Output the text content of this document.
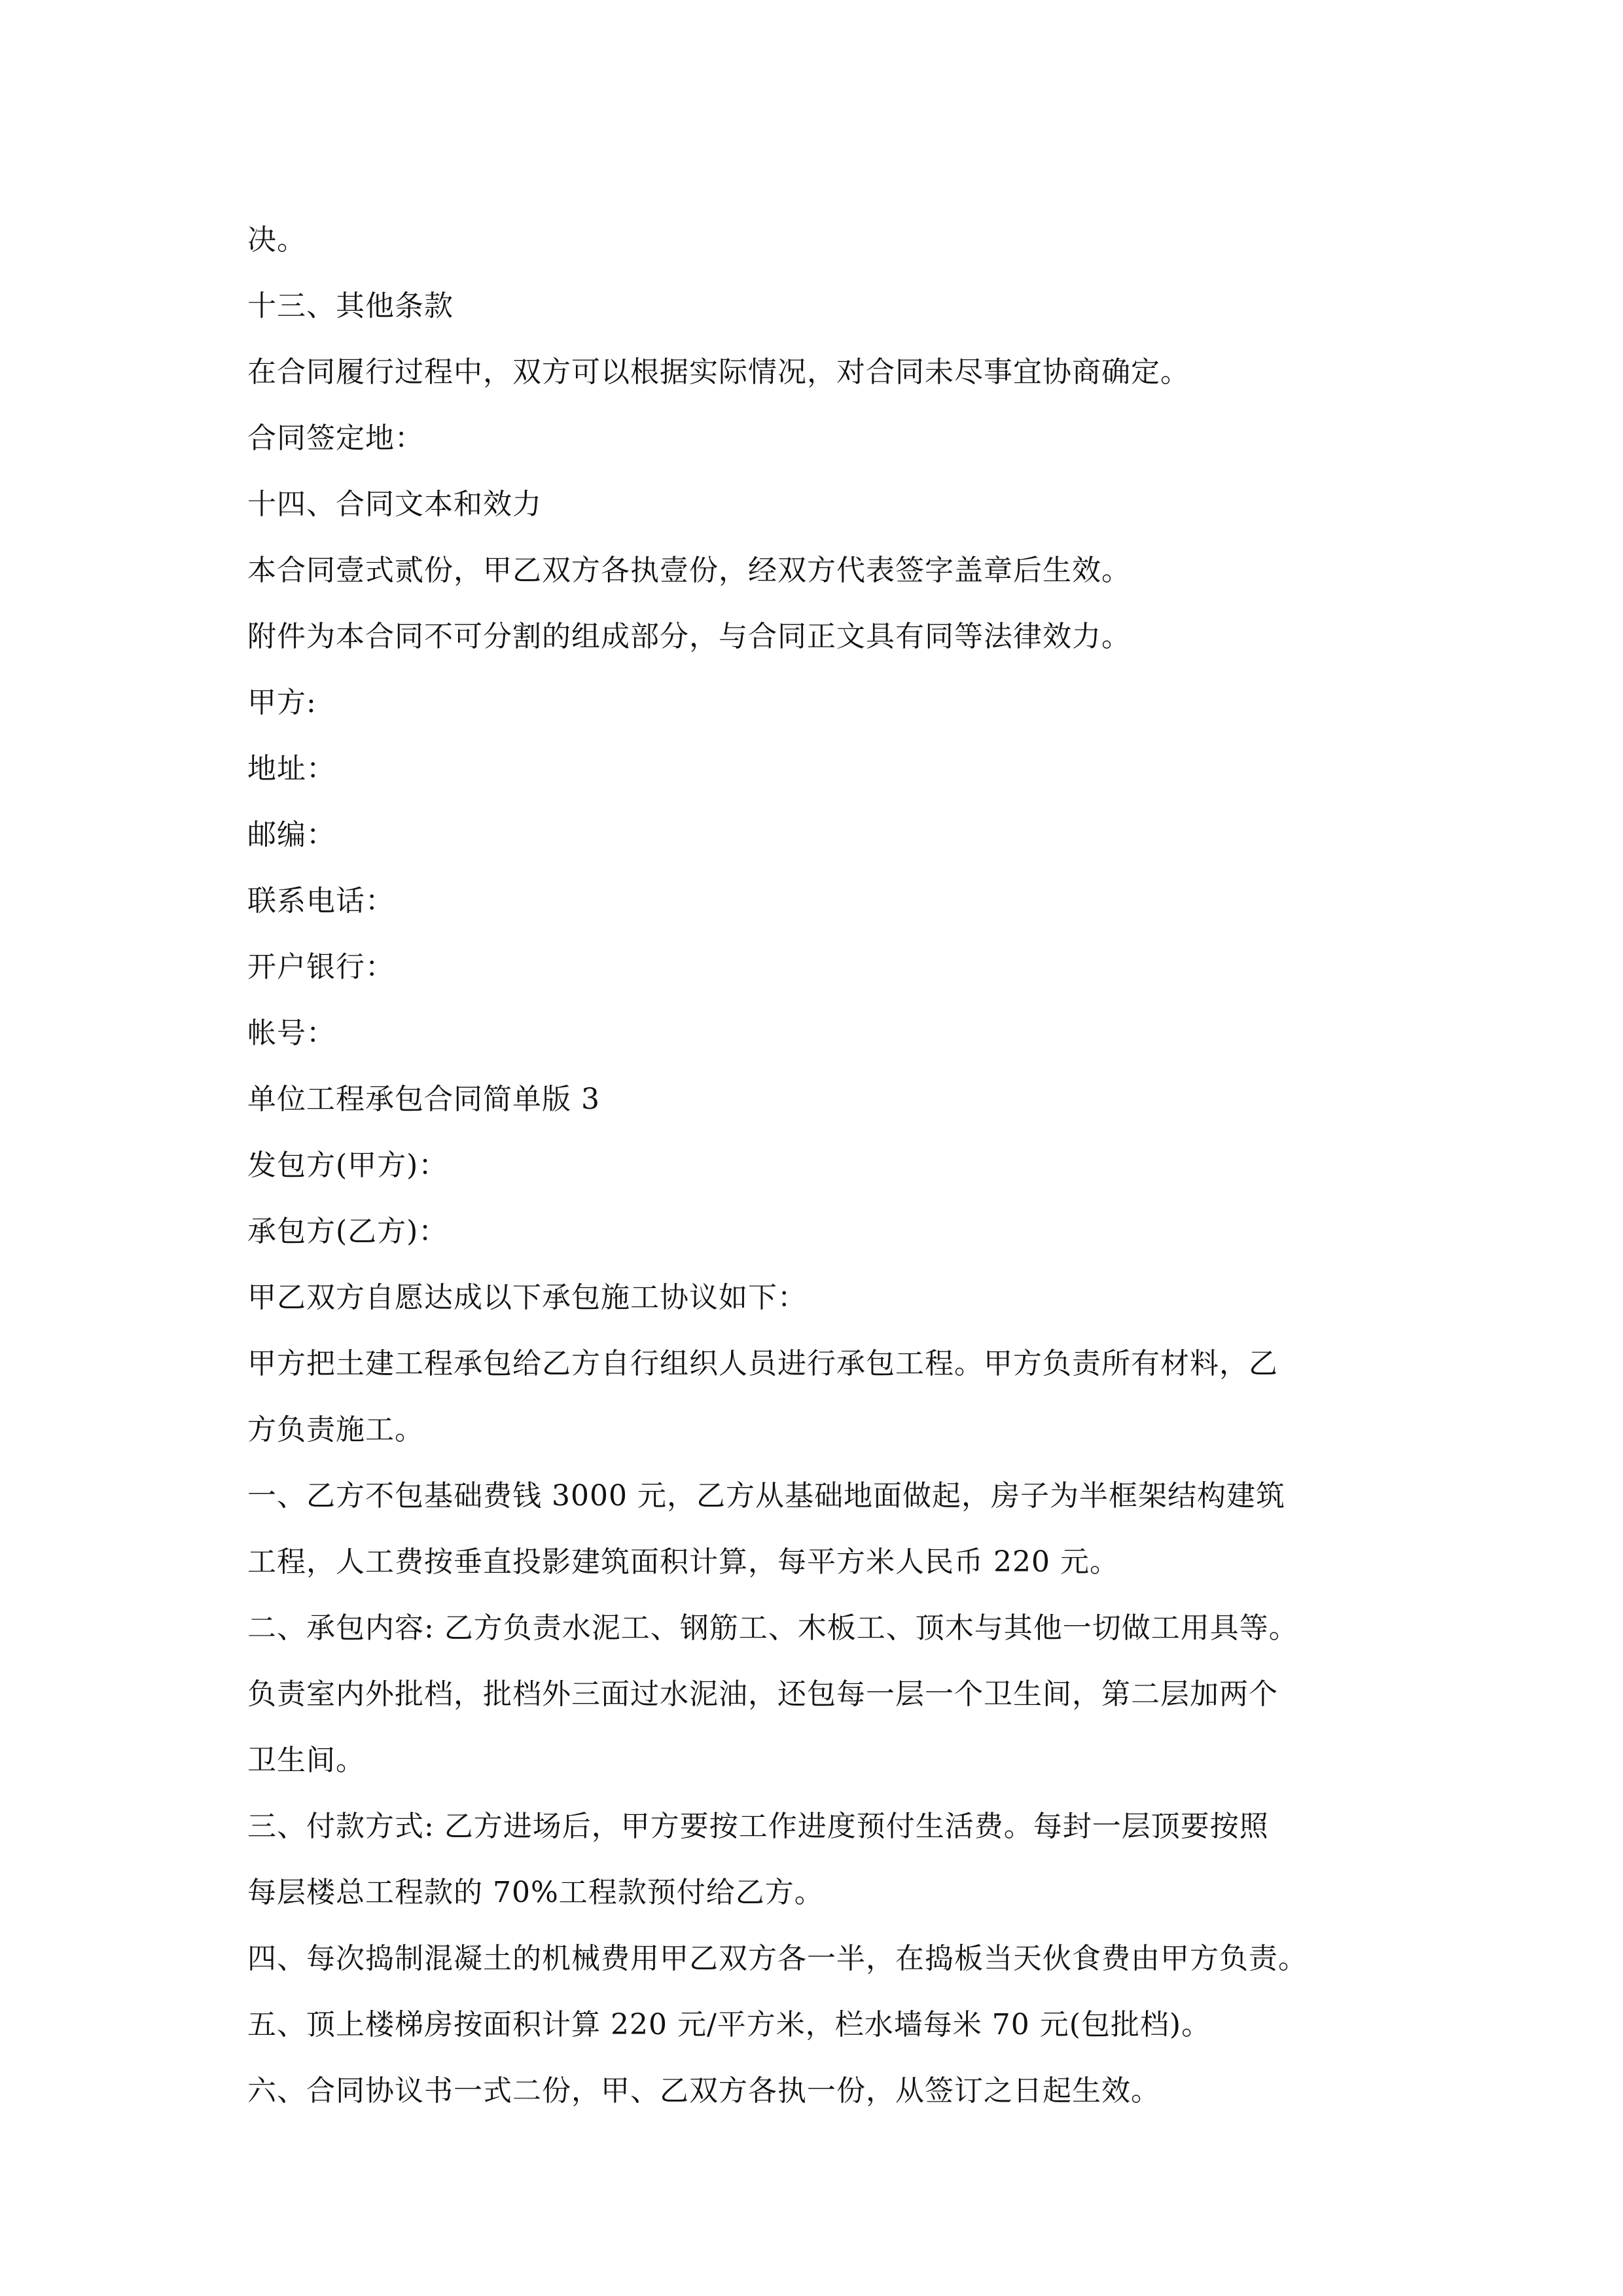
决。
十三、其他条款
在合同履行过程中，双方可以根据实际情况，对合同未尽事宜协商确定。
合同签定地：
十四、合同文本和效力
本合同壹式贰份，甲乙双方各执壹份，经双方代表签字盖章后生效。
附件为本合同不可分割的组成部分，与合同正文具有同等法律效力。
甲方:
地址：
邮编：
联系电话：
开户银行：
帐号：
单位工程承包合同简单版 3
发包方(甲方)：
承包方(乙方)：
甲乙双方自愿达成以下承包施工协议如下：
甲方把土建工程承包给乙方自行组织人员进行承包工程。甲方负责所有材料，乙
方负责施工。
一、乙方不包基础费钱 3000 元，乙方从基础地面做起，房子为半框架结构建筑
工程，人工费按垂直投影建筑面积计算，每平方米人民币 220 元。
二、承包内容: 乙方负责水泥工、钢筋工、木板工、顶木与其他一切做工用具等。
负责室内外批档，批档外三面过水泥油，还包每一层一个卫生间，第二层加两个
卫生间。
三、付款方式: 乙方进场后，甲方要按工作进度预付生活费。每封一层顶要按照
每层楼总工程款的 70%工程款预付给乙方。
四、每次捣制混凝土的机械费用甲乙双方各一半，在捣板当天伙食费由甲方负责。
五、顶上楼梯房按面积计算 220 元/平方米，栏水墙每米 70 元(包批档)。
六、合同协议书一式二份，甲、乙双方各执一份，从签订之日起生效。
